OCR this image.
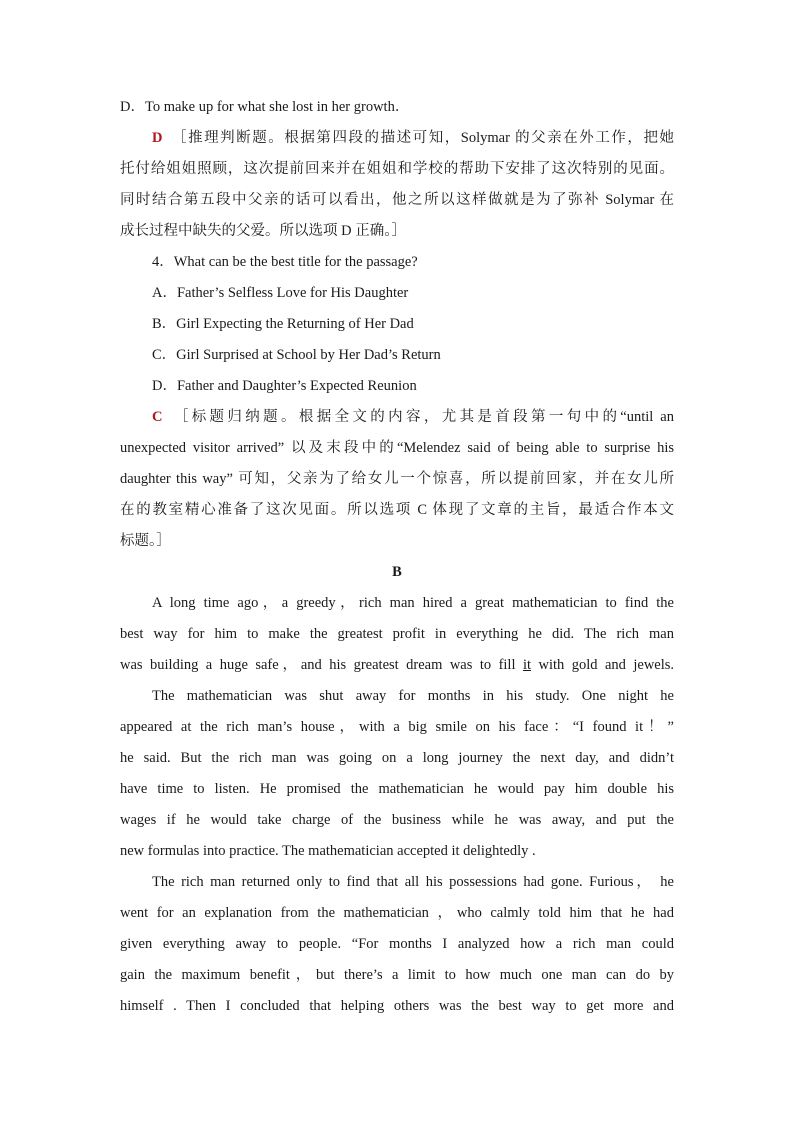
D．To make up for what she lost in her growth．
D ［推理判断题。根据第四段的描述可知，Solymar 的父亲在外工作，把她
托付给姐姐照顾，这次提前回来并在姐姐和学校的帮助下安排了这次特别的见面。
同时结合第五段中父亲的话可以看出，他之所以这样做就是为了弥补 Solymar 在
成长过程中缺失的父爱。所以选项 D 正确。］
4．What can be the best title for the passage?
A．Father’s Selfless Love for His Daughter
B．Girl Expecting the Returning of Her Dad
C．Girl Surprised at School by Her Dad’s Return
D．Father and Daughter’s Expected Reunion
C ［标题归纳题。根据全文的内容，尤其是首段第一句中的“until an
unexpected visitor arrived” 以及末段中的“Melendez said of being able to surprise his
daughter this way” 可知，父亲为了给女儿一个惊喜，所以提前回家，并在女儿所
在的教室精心准备了这次见面。所以选项 C 体现了文章的主旨，最适合作本文
标题。］
B
A long time ago，a greedy，rich man hired a great mathematician to find the
best way for him to make the greatest profit in everything he did. The rich man
was building a huge safe，and his greatest dream was to fill it with gold and jewels.
The mathematician was shut away for months in his study. One night he
appeared at the rich man’s house，with a big smile on his face：“I found it！”
he said. But the rich man was going on a long journey the next day, and didn’t
have time to listen. He promised the mathematician he would pay him double his
wages if he would take charge of the business while he was away, and put the
new formulas into practice. The mathematician accepted it delightedly .
The rich man returned only to find that all his possessions had gone. Furious， he
went for an explanation from the mathematician ，who calmly told him that he had
given everything away to people. “For months I analyzed how a rich man could
gain the maximum benefit，but there’s a limit to how much one man can do by
himself . Then I concluded that helping others was the best way to get more and
